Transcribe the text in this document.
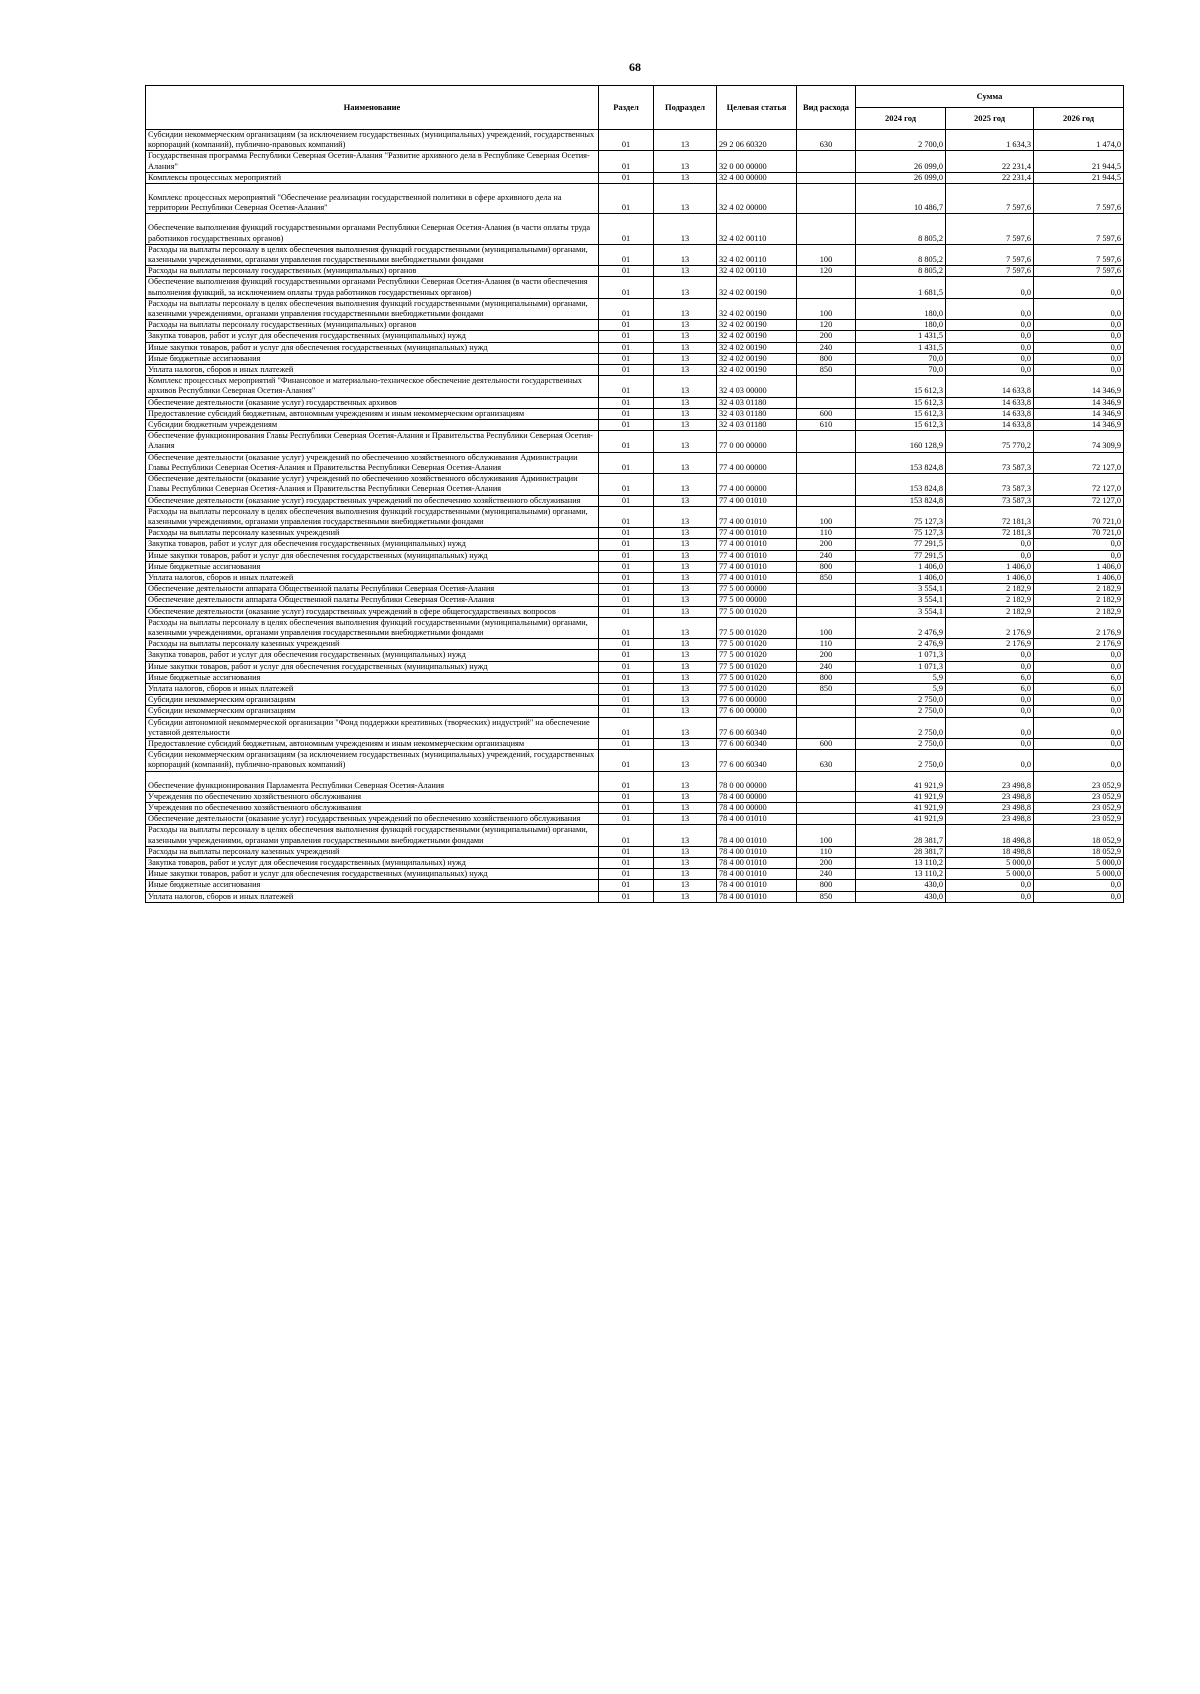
68
Наименование	Раздел	Подраздел	Целевая статья	Вид расхода	Сумма		
					2024 год	2025 год	2026 год
Субсидии некоммерческим организациям (за исключением государственных (муниципальных) учреждений, государственных корпораций (компаний), публично-правовых компаний)	01	13	29 2 06 60320	630	2 700,0	1 634,3	1 474,0
Государственная программа Республики Северная Осетия-Алания "Развитие архивного дела в Республике Северная Осетия-Алания"	01	13	32 0 00 00000		26 099,0	22 231,4	21 944,5
Комплексы процессных мероприятий	01	13	32 4 00 00000		26 099,0	22 231,4	21 944,5
Комплекс процессных мероприятий "Обеспечение реализации государственной политики в сфере архивного дела на территории Республики Северная Осетия-Алания"	01	13	32 4 02 00000		10 486,7	7 597,6	7 597,6
Обеспечение выполнения функций государственными органами Республики Северная Осетия-Алания (в части оплаты труда работников государственных органов)	01	13	32 4 02 00110		8 805,2	7 597,6	7 597,6
Расходы на выплаты персоналу в целях обеспечения выполнения функций государственными (муниципальными) органами, казенными учреждениями, органами управления государственными внебюджетными фондами	01	13	32 4 02 00110	100	8 805,2	7 597,6	7 597,6
Расходы на выплаты персоналу государственных (муниципальных) органов	01	13	32 4 02 00110	120	8 805,2	7 597,6	7 597,6
Обеспечение выполнения функций государственными органами Республики Северная Осетия-Алания (в части обеспечения выполнения функций, за исключением оплаты труда работников государственных органов)	01	13	32 4 02 00190		1 681,5	0,0	0,0
Расходы на выплаты персоналу в целях обеспечения выполнения функций государственными (муниципальными) органами, казенными учреждениями, органами управления государственными внебюджетными фондами	01	13	32 4 02 00190	100	180,0	0,0	0,0
Расходы на выплаты персоналу государственных (муниципальных) органов	01	13	32 4 02 00190	120	180,0	0,0	0,0
Закупка товаров, работ и услуг для обеспечения государственных (муниципальных) нужд	01	13	32 4 02 00190	200	1 431,5	0,0	0,0
Иные закупки товаров, работ и услуг для обеспечения государственных (муниципальных) нужд	01	13	32 4 02 00190	240	1 431,5	0,0	0,0
Иные бюджетные ассигнования	01	13	32 4 02 00190	800	70,0	0,0	0,0
Уплата налогов, сборов и иных платежей	01	13	32 4 02 00190	850	70,0	0,0	0,0
Комплекс процессных мероприятий "Финансовое и материально-техническое обеспечение деятельности государственных архивов Республики Северная Осетия-Алания"	01	13	32 4 03 00000		15 612,3	14 633,8	14 346,9
Обеспечение деятельности (оказание услуг) государственных архивов	01	13	32 4 03 01180		15 612,3	14 633,8	14 346,9
Предоставление субсидий бюджетным, автономным учреждениям и иным некоммерческим организациям	01	13	32 4 03 01180	600	15 612,3	14 633,8	14 346,9
Субсидии бюджетным учреждениям	01	13	32 4 03 01180	610	15 612,3	14 633,8	14 346,9
Обеспечение функционирования Главы Республики Северная Осетия-Алания и Правительства Республики Северная Осетия-Алания	01	13	77 0 00 00000		160 128,9	75 770,2	74 309,9
Обеспечение деятельности (оказание услуг) учреждений по обеспечению хозяйственного обслуживания Администрации Главы Республики Северная Осетия-Алания и Правительства Республики Северная Осетия-Алания	01	13	77 4 00 00000		153 824,8	73 587,3	72 127,0
Обеспечение деятельности (оказание услуг) учреждений по обеспечению хозяйственного обслуживания Администрации Главы Республики Северная Осетия-Алания и Правительства Республики Северная Осетия-Алания	01	13	77 4 00 00000		153 824,8	73 587,3	72 127,0
Обеспечение деятельности (оказание услуг) государственных учреждений по обеспечению хозяйственного обслуживания	01	13	77 4 00 01010		153 824,8	73 587,3	72 127,0
Расходы на выплаты персоналу в целях обеспечения выполнения функций государственными (муниципальными) органами, казенными учреждениями, органами управления государственными внебюджетными фондами	01	13	77 4 00 01010	100	75 127,3	72 181,3	70 721,0
Расходы на выплаты персоналу казенных учреждений	01	13	77 4 00 01010	110	75 127,3	72 181,3	70 721,0
Закупка товаров, работ и услуг для обеспечения государственных (муниципальных) нужд	01	13	77 4 00 01010	200	77 291,5	0,0	0,0
Иные закупки товаров, работ и услуг для обеспечения государственных (муниципальных) нужд	01	13	77 4 00 01010	240	77 291,5	0,0	0,0
Иные бюджетные ассигнования	01	13	77 4 00 01010	800	1 406,0	1 406,0	1 406,0
Уплата налогов, сборов и иных платежей	01	13	77 4 00 01010	850	1 406,0	1 406,0	1 406,0
Обеспечение деятельности аппарата Общественной палаты Республики Северная Осетия-Алания	01	13	77 5 00 00000		3 554,1	2 182,9	2 182,9
Обеспечение деятельности аппарата Общественной палаты Республики Северная Осетия-Алания	01	13	77 5 00 00000		3 554,1	2 182,9	2 182,9
Обеспечение деятельности (оказание услуг) государственных учреждений в сфере общегосударственных вопросов	01	13	77 5 00 01020		3 554,1	2 182,9	2 182,9
Расходы на выплаты персоналу в целях обеспечения выполнения функций государственными (муниципальными) органами, казенными учреждениями, органами управления государственными внебюджетными фондами	01	13	77 5 00 01020	100	2 476,9	2 176,9	2 176,9
Расходы на выплаты персоналу казенных учреждений	01	13	77 5 00 01020	110	2 476,9	2 176,9	2 176,9
Закупка товаров, работ и услуг для обеспечения государственных (муниципальных) нужд	01	13	77 5 00 01020	200	1 071,3	0,0	0,0
Иные закупки товаров, работ и услуг для обеспечения государственных (муниципальных) нужд	01	13	77 5 00 01020	240	1 071,3	0,0	0,0
Иные бюджетные ассигнования	01	13	77 5 00 01020	800	5,9	6,0	6,0
Уплата налогов, сборов и иных платежей	01	13	77 5 00 01020	850	5,9	6,0	6,0
Субсидии некоммерческим организациям	01	13	77 6 00 00000		2 750,0	0,0	0,0
Субсидии некоммерческим организациям	01	13	77 6 00 00000		2 750,0	0,0	0,0
Субсидии автономной некоммерческой организации "Фонд поддержки креативных (творческих) индустрий" на обеспечение уставной деятельности	01	13	77 6 00 60340		2 750,0	0,0	0,0
Предоставление субсидий бюджетным, автономным учреждениям и иным некоммерческим организациям	01	13	77 6 00 60340	600	2 750,0	0,0	0,0
Субсидии некоммерческим организациям (за исключением государственных (муниципальных) учреждений, государственных корпораций (компаний), публично-правовых компаний)	01	13	77 6 00 60340	630	2 750,0	0,0	0,0
Обеспечение функционирования Парламента Республики Северная Осетия-Алания	01	13	78 0 00 00000		41 921,9	23 498,8	23 052,9
Учреждения по обеспечению хозяйственного обслуживания	01	13	78 4 00 00000		41 921,9	23 498,8	23 052,9
Учреждения по обеспечению хозяйственного обслуживания	01	13	78 4 00 00000		41 921,9	23 498,8	23 052,9
Обеспечение деятельности (оказание услуг) государственных учреждений по обеспечению хозяйственного обслуживания	01	13	78 4 00 01010		41 921,9	23 498,8	23 052,9
Расходы на выплаты персоналу в целях обеспечения выполнения функций государственными (муниципальными) органами, казенными учреждениями, органами управления государственными внебюджетными фондами	01	13	78 4 00 01010	100	28 381,7	18 498,8	18 052,9
Расходы на выплаты персоналу казенных учреждений	01	13	78 4 00 01010	110	28 381,7	18 498,8	18 052,9
Закупка товаров, работ и услуг для обеспечения государственных (муниципальных) нужд	01	13	78 4 00 01010	200	13 110,2	5 000,0	5 000,0
Иные закупки товаров, работ и услуг для обеспечения государственных (муниципальных) нужд	01	13	78 4 00 01010	240	13 110,2	5 000,0	5 000,0
Иные бюджетные ассигнования	01	13	78 4 00 01010	800	430,0	0,0	0,0
Уплата налогов, сборов и иных платежей	01	13	78 4 00 01010	850	430,0	0,0	0,0
